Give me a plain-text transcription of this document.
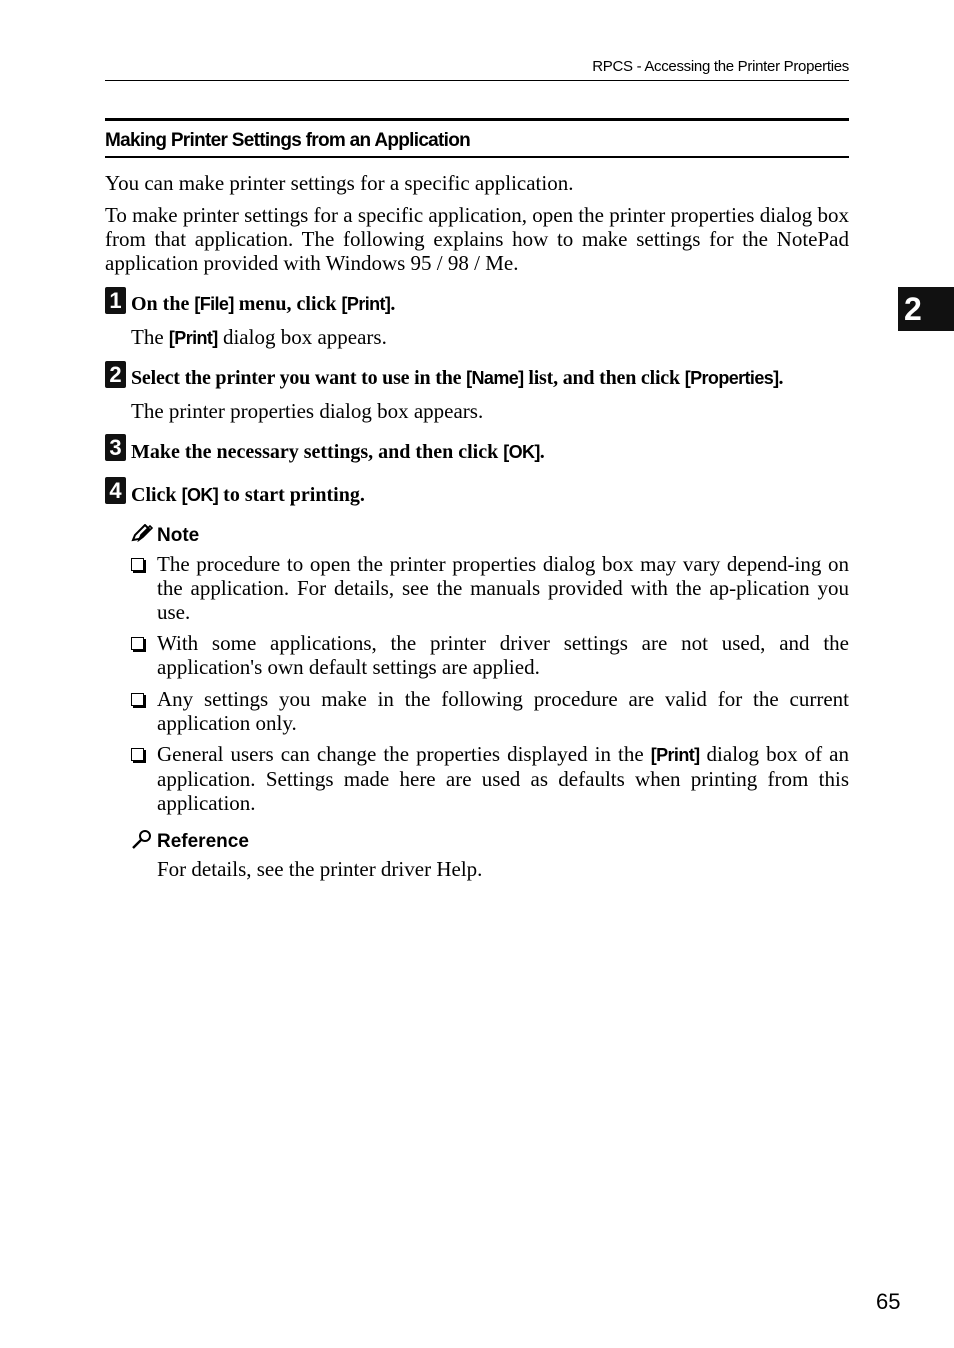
RPCS - Accessing the Printer Properties
Making Printer Settings from an Application
You can make printer settings for a specific application.
To make printer settings for a specific application, open the printer properties dialog box from that application. The following explains how to make settings for the NotePad application provided with Windows 95 / 98 / Me.
1 On the [File] menu, click [Print].
The [Print] dialog box appears.
2 Select the printer you want to use in the [Name] list, and then click [Properties].
The printer properties dialog box appears.
3 Make the necessary settings, and then click [OK].
4 Click [OK] to start printing.
Note
The procedure to open the printer properties dialog box may vary depend-ing on the application. For details, see the manuals provided with the ap-plication you use.
With some applications, the printer driver settings are not used, and the application's own default settings are applied.
Any settings you make in the following procedure are valid for the current application only.
General users can change the properties displayed in the [Print] dialog box of an application. Settings made here are used as defaults when printing from this application.
Reference
For details, see the printer driver Help.
2
65
